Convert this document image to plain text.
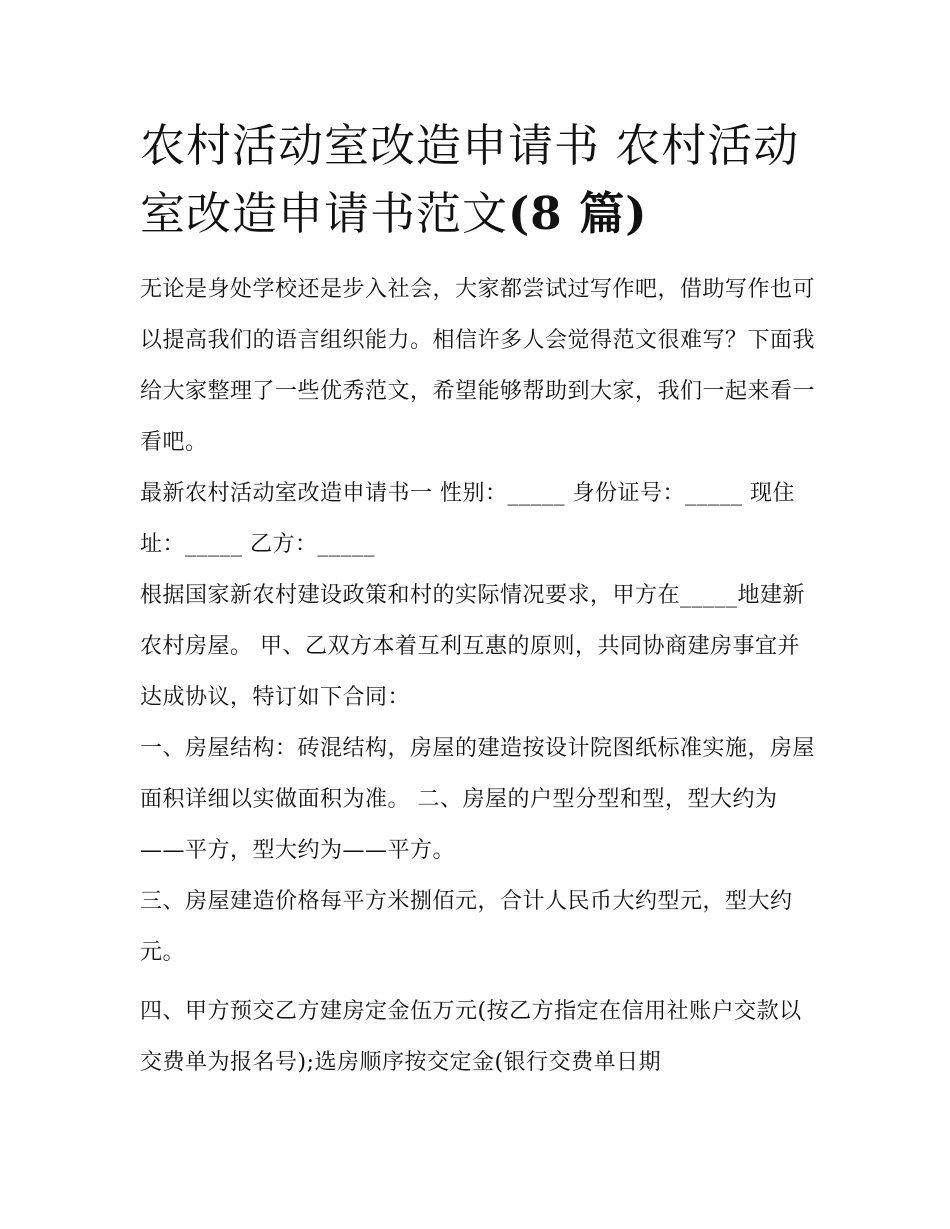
农村活动室改造申请书 农村活动室改造申请书范文(8 篇)

无论是身处学校还是步入社会，大家都尝试过写作吧，借助写作也可以提高我们的语言组织能力。相信许多人会觉得范文很难写？下面我给大家整理了一些优秀范文，希望能够帮助到大家，我们一起来看一看吧。

最新农村活动室改造申请书一 性别：_____ 身份证号：_____ 现住址：_____ 乙方：_____

根据国家新农村建设政策和村的实际情况要求，甲方在_____地建新农村房屋。 甲、乙双方本着互利互惠的原则，共同协商建房事宜并达成协议，特订如下合同：

一、房屋结构：砖混结构，房屋的建造按设计院图纸标准实施，房屋面积详细以实做面积为准。 二、房屋的户型分型和型，型大约为——平方，型大约为——平方。

三、房屋建造价格每平方米捌佰元，合计人民币大约型元，型大约元。

四、甲方预交乙方建房定金伍万元(按乙方指定在信用社账户交款以交费单为报名号);选房顺序按交定金(银行交费单日期
